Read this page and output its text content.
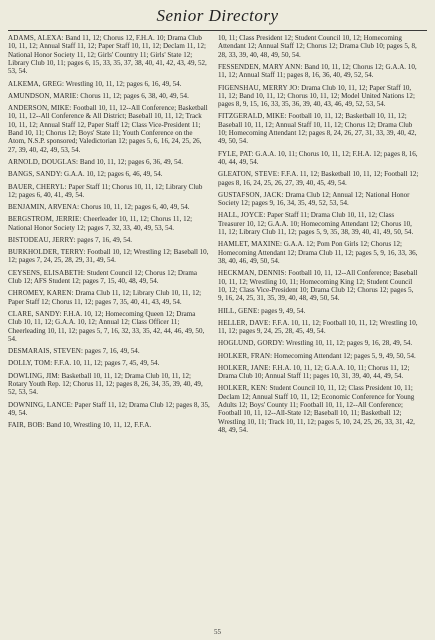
Senior Directory

ADAMS, ALEXA: Band 11, 12; Chorus 12, F.H.A. 10; Drama Club 10, 11, 12; Annual Staff 11, 12; Paper Staff 10, 11, 12; Declam 11, 12; National Honor Society 11, 12; Girls' Country 11; Girls' State 12; Library Club 10, 11; pages 6, 15, 33, 35, 37, 38, 40, 41, 42, 43, 49, 52, 53, 54.

ALKEMA, GREG: Wrestling 10, 11, 12; pages 6, 16, 49, 54.

AMUNDSON, MARIE: Chorus 11, 12; pages 6, 38, 40, 49, 54.

ANDERSON, MIKE: Football 10, 11, 12--All Conference; Basketball 10, 11, 12--All Conference & All District; Baseball 10, 11, 12; Track 10, 11, 12; Annual Staff 12, Paper Staff 12; Class Vice-President 11; Band 10, 11; Chorus 12; Boys' State 11; Youth Conference on the Atom, N.S.P. sponsored; Valedictorian 12; pages 5, 6, 16, 24, 25, 26, 27, 39, 40, 42, 49, 53, 54.

ARNOLD, DOUGLAS: Band 10, 11, 12; pages 6, 36, 49, 54.

BANGS, SANDY: G.A.A. 10, 12; pages 6, 46, 49, 54.

BAUER, CHERYL: Paper Staff 11; Chorus 10, 11, 12; Library Club 12; pages 6, 40, 41, 49, 54.

BENJAMIN, ARVENA: Chorus 10, 11, 12; pages 6, 40, 49, 54.

BERGSTROM, JERRIE: Cheerleader 10, 11, 12; Chorus 11, 12; National Honor Society 12; pages 7, 32, 33, 40, 49, 53, 54.

BISTODEAU, JERRY: pages 7, 16, 49, 54.

BURKHOLDER, TERRY: Football 10, 12; Wrestling 12; Baseball 10, 12; pages 7, 24, 25, 28, 29, 31, 49, 54.

CEYSENS, ELISABETH: Student Council 12; Chorus 12; Drama Club 12; AFS Student 12; pages 7, 15, 40, 48, 49, 54.

CHROMEY, KAREN: Drama Club 11, 12; Library Club 10, 11, 12; Paper Staff 12; Chorus 11, 12; pages 7, 35, 40, 41, 43, 49, 54.

CLARE, SANDY: F.H.A. 10, 12; Homecoming Queen 12; Drama Club 10, 11, 12; G.A.A. 10, 12; Annual 12; Class Officer 11; Cheerleading 10, 11, 12; pages 5, 7, 16, 32, 33, 35, 42, 44, 46, 49, 50, 54.

DESMARAIS, STEVEN: pages 7, 16, 49, 54.

DOLLY, TOM: F.F.A. 10, 11, 12; pages 7, 45, 49, 54.

DOWLING, JIM: Basketball 10, 11, 12; Drama Club 10, 11, 12; Rotary Youth Rep. 12; Chorus 11, 12; pages 8, 26, 34, 35, 39, 40, 49, 52, 53, 54.

DOWNING, LANCE: Paper Staff 11, 12; Drama Club 12; pages 8, 35, 49, 54.

FAIR, BOB: Band 10, Wrestling 10, 11, 12, F.F.A.

10, 11; Class President 12; Student Council 10, 12; Homecoming Attendant 12; Annual Staff 12; Chorus 12; Drama Club 10; pages 5, 8, 28, 33, 39, 40, 48, 49, 50, 54.

FESSENDEN, MARY ANN: Band 10, 11, 12; Chorus 12; G.A.A. 10, 11, 12; Annual Staff 11; pages 8, 16, 36, 40, 49, 52, 54.

FIGENSHAU, MERRY JO: Drama Club 10, 11, 12; Paper Staff 10, 11, 12; Band 10, 11, 12; Chorus 10, 11, 12; Model United Nations 12; pages 8, 9, 15, 16, 33, 35, 36, 39, 40, 43, 46, 49, 52, 53, 54.

FITZGERALD, MIKE: Football 10, 11, 12; Basketball 10, 11, 12; Baseball 10, 11, 12; Annual Staff 10, 11, 12; Chorus 12; Drama Club 10; Homecoming Attendant 12; pages 8, 24, 26, 27, 31, 33, 39, 40, 42, 49, 50, 54.

FYLE, PAT: G.A.A. 10, 11; Chorus 10, 11, 12; F.H.A. 12; pages 8, 16, 40, 44, 49, 54.

GLEATON, STEVE: F.F.A. 11, 12; Basketball 10, 11, 12; Football 12; pages 8, 16, 24, 25, 26, 27, 39, 40, 45, 49, 54.

GUSTAFSON, JACK: Drama Club 12; Annual 12; National Honor Society 12; pages 9, 16, 34, 35, 49, 52, 53, 54.

HALL, JOYCE: Paper Staff 11; Drama Club 10, 11, 12; Class Treasurer 10, 12; G.A.A. 10; Homecoming Attendant 12; Chorus 10, 11, 12; Library Club 11, 12; pages 5, 9, 35, 38, 39, 40, 41, 49, 50, 54.

HAMLET, MAXINE: G.A.A. 12; Pom Pon Girls 12; Chorus 12; Homecoming Attendant 12; Drama Club 11, 12; pages 5, 9, 16, 33, 36, 38, 40, 46, 49, 50, 54.

HECKMAN, DENNIS: Football 10, 11, 12--All Conference; Baseball 10, 11, 12; Wrestling 10, 11; Homecoming King 12; Student Council 10, 12; Class Vice-President 10; Drama Club 12; Chorus 12; pages 5, 9, 16, 24, 25, 31, 35, 39, 40, 48, 49, 50, 54.

HILL, GENE: pages 9, 49, 54.

HELLER, DAVE: F.F.A. 10, 11, 12; Football 10, 11, 12; Wrestling 10, 11, 12; pages 9, 24, 25, 28, 45, 49, 54.

HOGLUND, GORDY: Wrestling 10, 11, 12; pages 9, 16, 28, 49, 54.

HOLKER, FRAN: Homecoming Attendant 12; pages 5, 9, 49, 50, 54.

HOLKER, JANE: F.H.A. 10, 11, 12; G.A.A. 10, 11; Chorus 11, 12; Drama Club 10; Annual Staff 11; pages 10, 31, 39, 40, 44, 49, 54.

HOLKER, KEN: Student Council 10, 11, 12; Class President 10, 11; Declam 12; Annual Staff 10, 11, 12; Economic Conference for Young Adults 12; Boys' County 11; Football 10, 11, 12--All Conference; Football 10, 11, 12--All-State 12; Baseball 10, 11; Basketball 12; Wrestling 10, 11; Track 10, 11, 12; pages 5, 10, 24, 25, 26, 33, 31, 42, 48, 49, 54.

55
